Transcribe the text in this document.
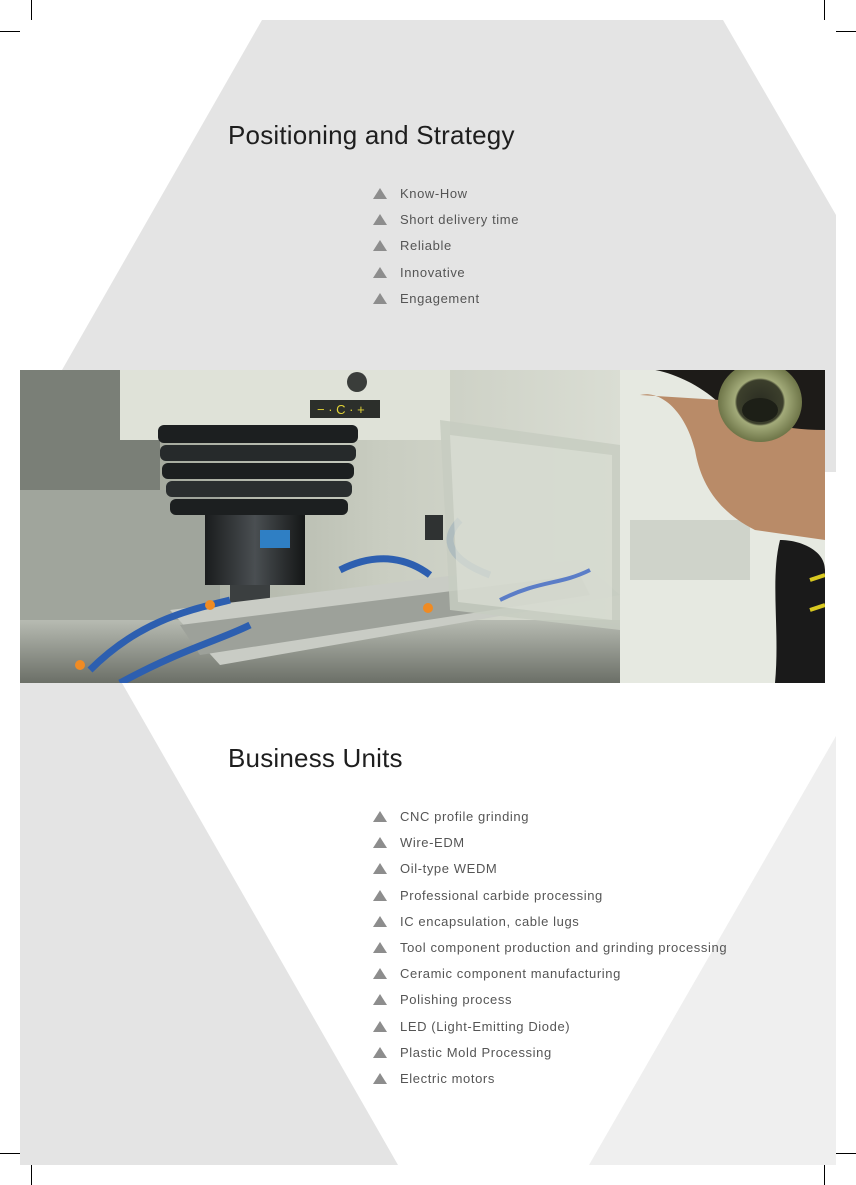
Positioning and Strategy
Know-How
Short delivery time
Reliable
Innovative
Engagement
− · C · +
Business Units
CNC profile grinding
Wire-EDM
Oil-type WEDM
Professional carbide processing
IC encapsulation, cable lugs
Tool component production and grinding processing
Ceramic component manufacturing
Polishing process
LED (Light-Emitting Diode)
Plastic Mold Processing
Electric motors
